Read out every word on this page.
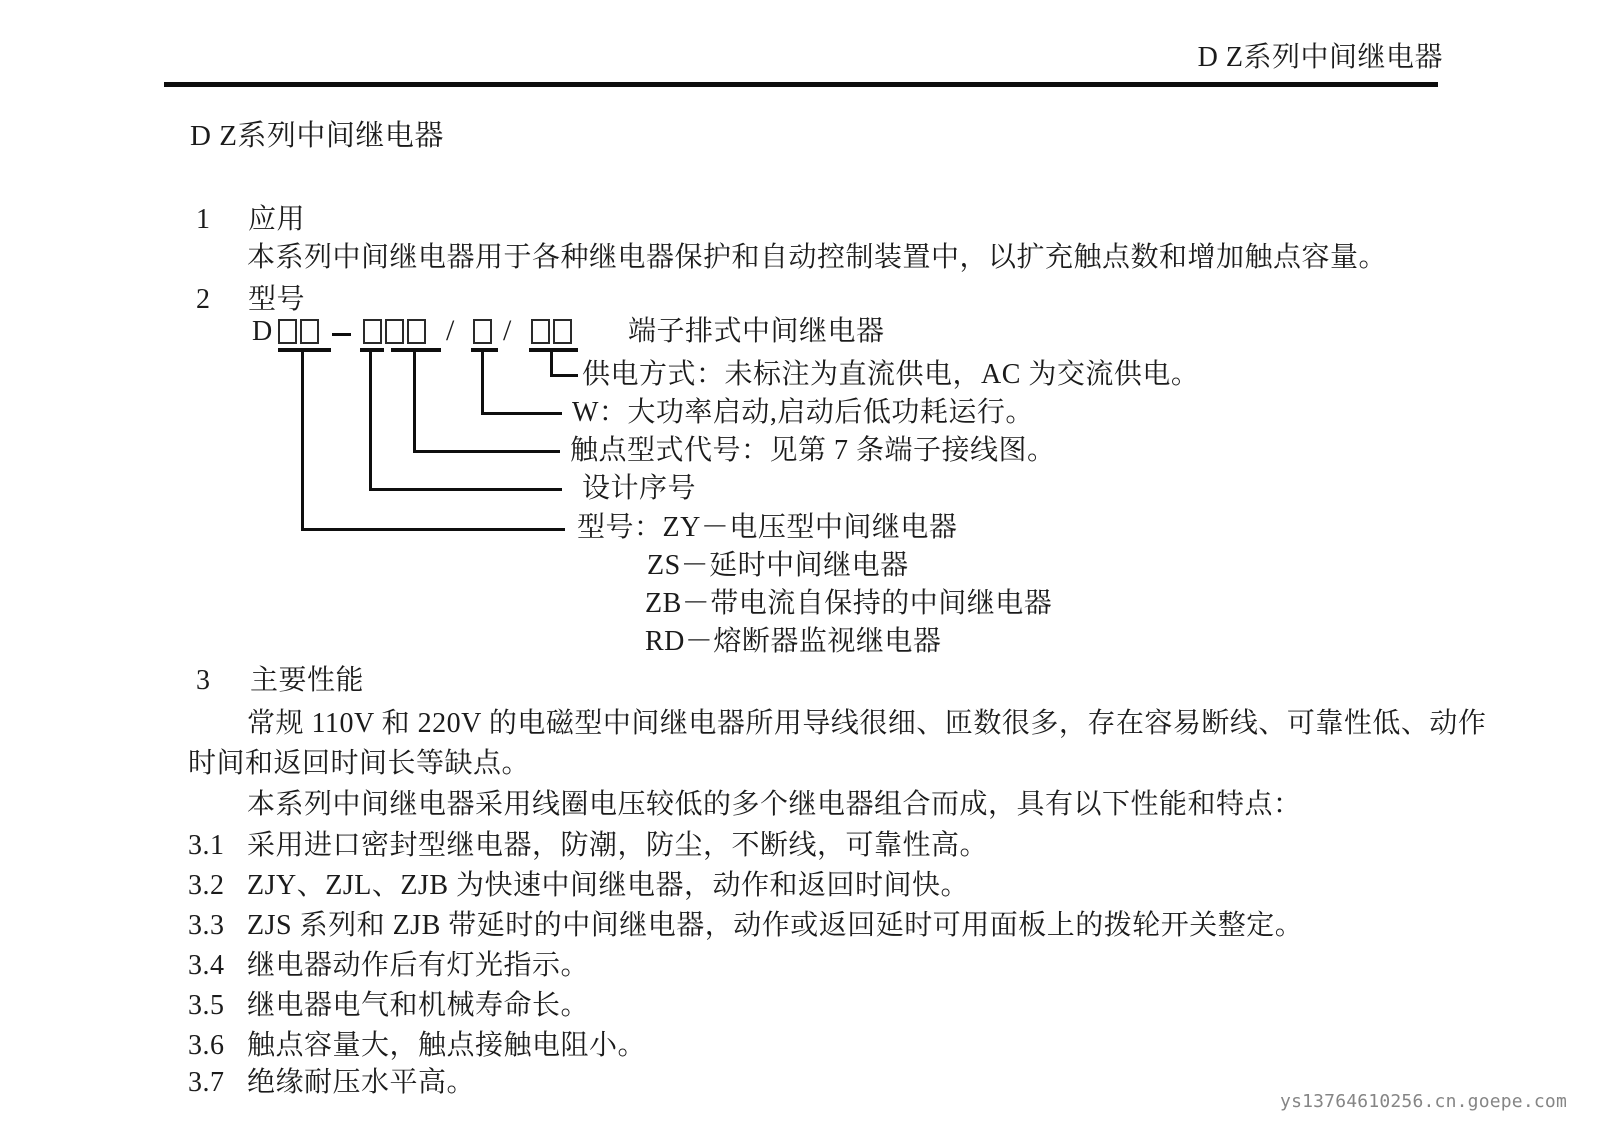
D Z系列中间继电器
D Z系列中间继电器
1 应用
本系列中间继电器用于各种继电器保护和自动控制装置中，以扩充触点数和增加触点容量。
2 型号
D	/ /	端子排式中间继电器
供电方式：未标注为直流供电，AC 为交流供电。
W：大功率启动,启动后低功耗运行。
触点型式代号：见第 7 条端子接线图。
设计序号
型号：ZY－电压型中间继电器
ZS－延时中间继电器
ZB－带电流自保持的中间继电器
RD－熔断器监视继电器
3 主要性能
常规 110V 和 220V 的电磁型中间继电器所用导线很细、匝数很多，存在容易断线、可靠性低、动作
时间和返回时间长等缺点。
本系列中间继电器采用线圈电压较低的多个继电器组合而成，具有以下性能和特点：
3.1 采用进口密封型继电器，防潮，防尘，不断线，可靠性高。
3.2 ZJY、ZJL、ZJB 为快速中间继电器，动作和返回时间快。
3.3 ZJS 系列和 ZJB 带延时的中间继电器，动作或返回延时可用面板上的拨轮开关整定。
3.4 继电器动作后有灯光指示。
3.5 继电器电气和机械寿命长。
3.6 触点容量大，触点接触电阻小。
3.7 绝缘耐压水平高。
ys13764610256.cn.goepe.com
